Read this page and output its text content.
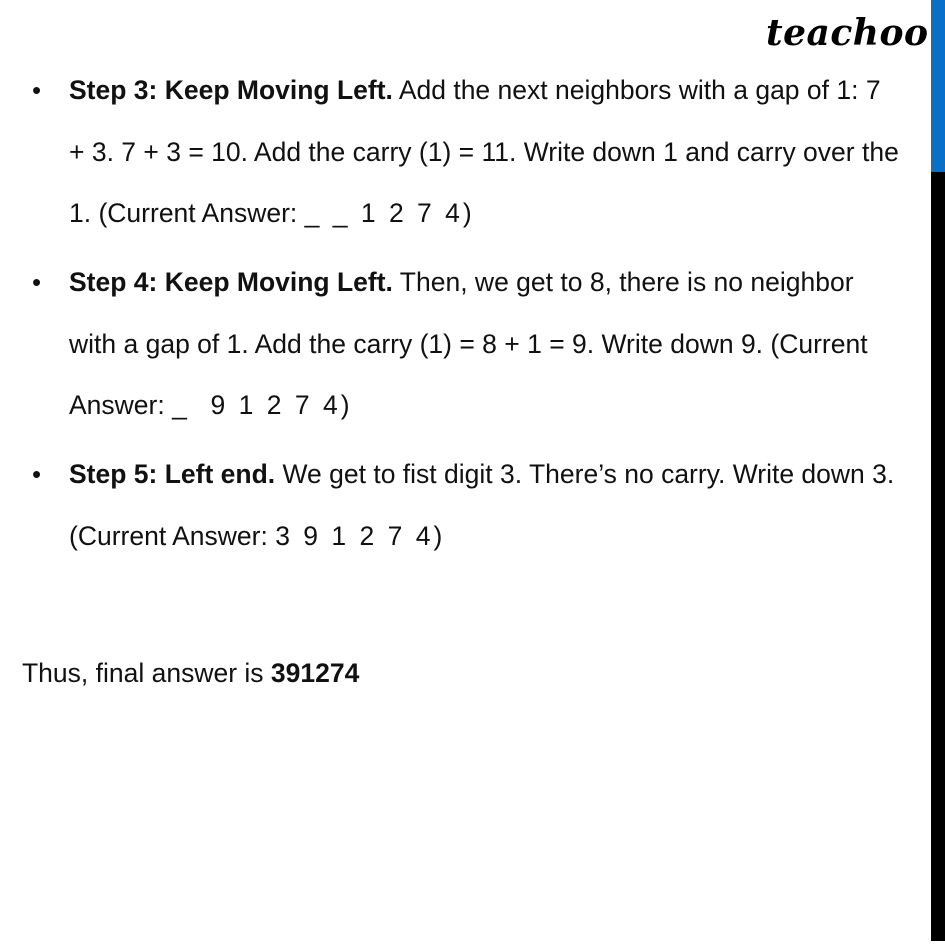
teachoo
• Step 3: Keep Moving Left. Add the next neighbors with a gap of 1: 7 + 3. 7 + 3 = 10. Add the carry (1) = 11. Write down 1 and carry over the 1. (Current Answer: _ _ 1 2 7 4)
• Step 4: Keep Moving Left. Then, we get to 8, there is no neighbor with a gap of 1. Add the carry (1) = 8 + 1 = 9. Write down 9. (Current Answer: _  9 1 2 7 4)
• Step 5: Left end. We get to fist digit 3. There’s no carry. Write down 3. (Current Answer: 3 9 1 2 7 4)
Thus, final answer is 391274
